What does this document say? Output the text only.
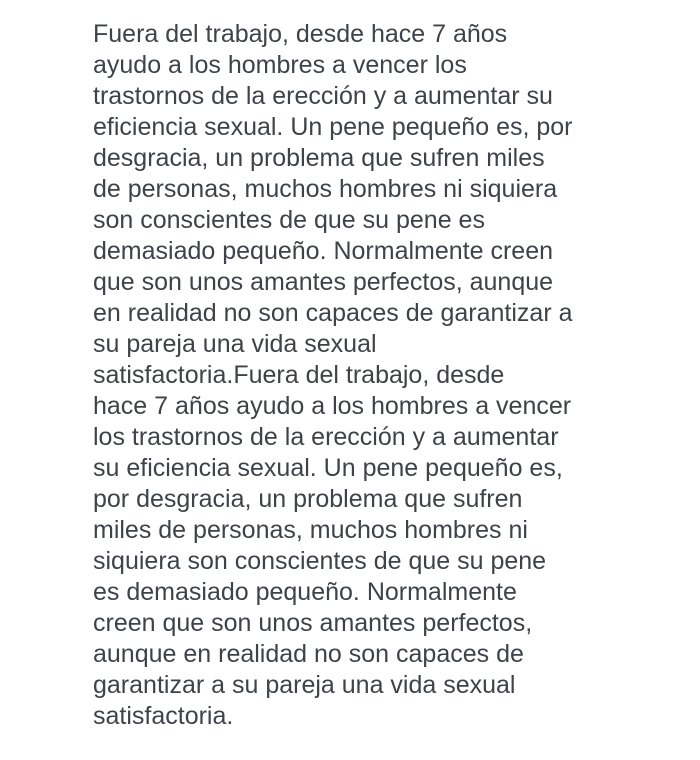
Fuera del trabajo, desde hace 7 años
ayudo a los hombres a vencer los
trastornos de la erección y a aumentar su
eficiencia sexual. Un pene pequeño es, por
desgracia, un problema que sufren miles
de personas, muchos hombres ni siquiera
son conscientes de que su pene es
demasiado pequeño. Normalmente creen
que son unos amantes perfectos, aunque
en realidad no son capaces de garantizar a
su pareja una vida sexual
satisfactoria.Fuera del trabajo, desde
hace 7 años ayudo a los hombres a vencer
los trastornos de la erección y a aumentar
su eficiencia sexual. Un pene pequeño es,
por desgracia, un problema que sufren
miles de personas, muchos hombres ni
siquiera son conscientes de que su pene
es demasiado pequeño. Normalmente
creen que son unos amantes perfectos,
aunque en realidad no son capaces de
garantizar a su pareja una vida sexual
satisfactoria.
